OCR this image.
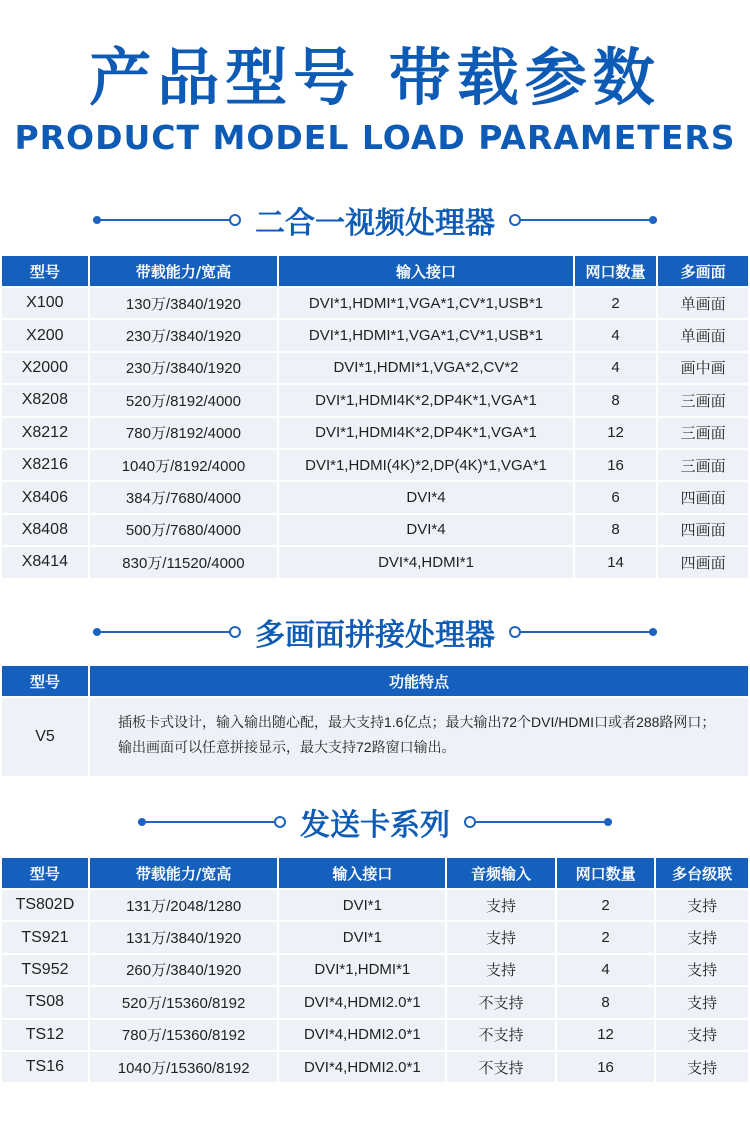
产品型号 带载参数
PRODUCT MODEL LOAD PARAMETERS
二合一视频处理器
型号	带载能力/宽高	输入接口	网口数量	多画面
X100	130万/3840/1920	DVI*1,HDMI*1,VGA*1,CV*1,USB*1	2	单画面
X200	230万/3840/1920	DVI*1,HDMI*1,VGA*1,CV*1,USB*1	4	单画面
X2000	230万/3840/1920	DVI*1,HDMI*1,VGA*2,CV*2	4	画中画
X8208	520万/8192/4000	DVI*1,HDMI4K*2,DP4K*1,VGA*1	8	三画面
X8212	780万/8192/4000	DVI*1,HDMI4K*2,DP4K*1,VGA*1	12	三画面
X8216	1040万/8192/4000	DVI*1,HDMI(4K)*2,DP(4K)*1,VGA*1	16	三画面
X8406	384万/7680/4000	DVI*4	6	四画面
X8408	500万/7680/4000	DVI*4	8	四画面
X8414	830万/11520/4000	DVI*4,HDMI*1	14	四画面
多画面拼接处理器
型号	功能特点
V5	插板卡式设计，输入输出随心配，最大支持1.6亿点；最大输出72个DVI/HDMI口或者288路网口；输出画面可以任意拼接显示，最大支持72路窗口输出。
发送卡系列
型号	带载能力/宽高	输入接口	音频输入	网口数量	多台级联
TS802D	131万/2048/1280	DVI*1	支持	2	支持
TS921	131万/3840/1920	DVI*1	支持	2	支持
TS952	260万/3840/1920	DVI*1,HDMI*1	支持	4	支持
TS08	520万/15360/8192	DVI*4,HDMI2.0*1	不支持	8	支持
TS12	780万/15360/8192	DVI*4,HDMI2.0*1	不支持	12	支持
TS16	1040万/15360/8192	DVI*4,HDMI2.0*1	不支持	16	支持
